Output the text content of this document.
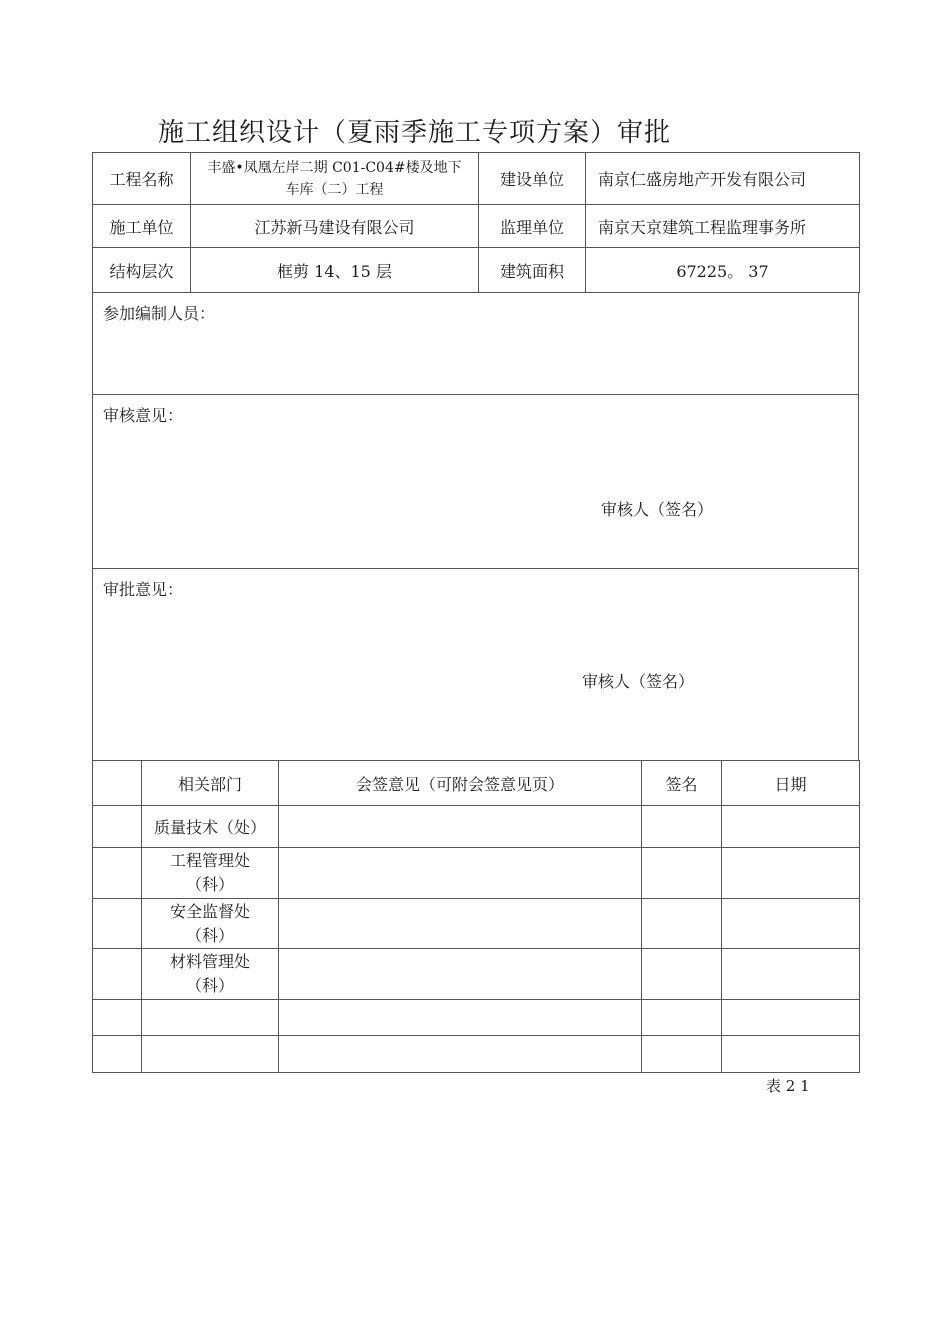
施工组织设计（夏雨季施工专项方案）审批
工程名称	丰盛•凤凰左岸二期 C01-C04#楼及地下车库（二）工程	建设单位	南京仁盛房地产开发有限公司
施工单位	江苏新马建设有限公司	监理单位	南京天京建筑工程监理事务所
结构层次	框剪 14、15 层	建筑面积	67225。 37
参加编制人员：

审核意见：
审核人（签名）

审批意见：
审核人（签名）
	相关部门	会签意见（可附会签意见页）	签名	日期
	质量技术（处）			

	工程管理处
（科）			

	安全监督处
（科）			

	材料管理处
（科）			

表 2 1
